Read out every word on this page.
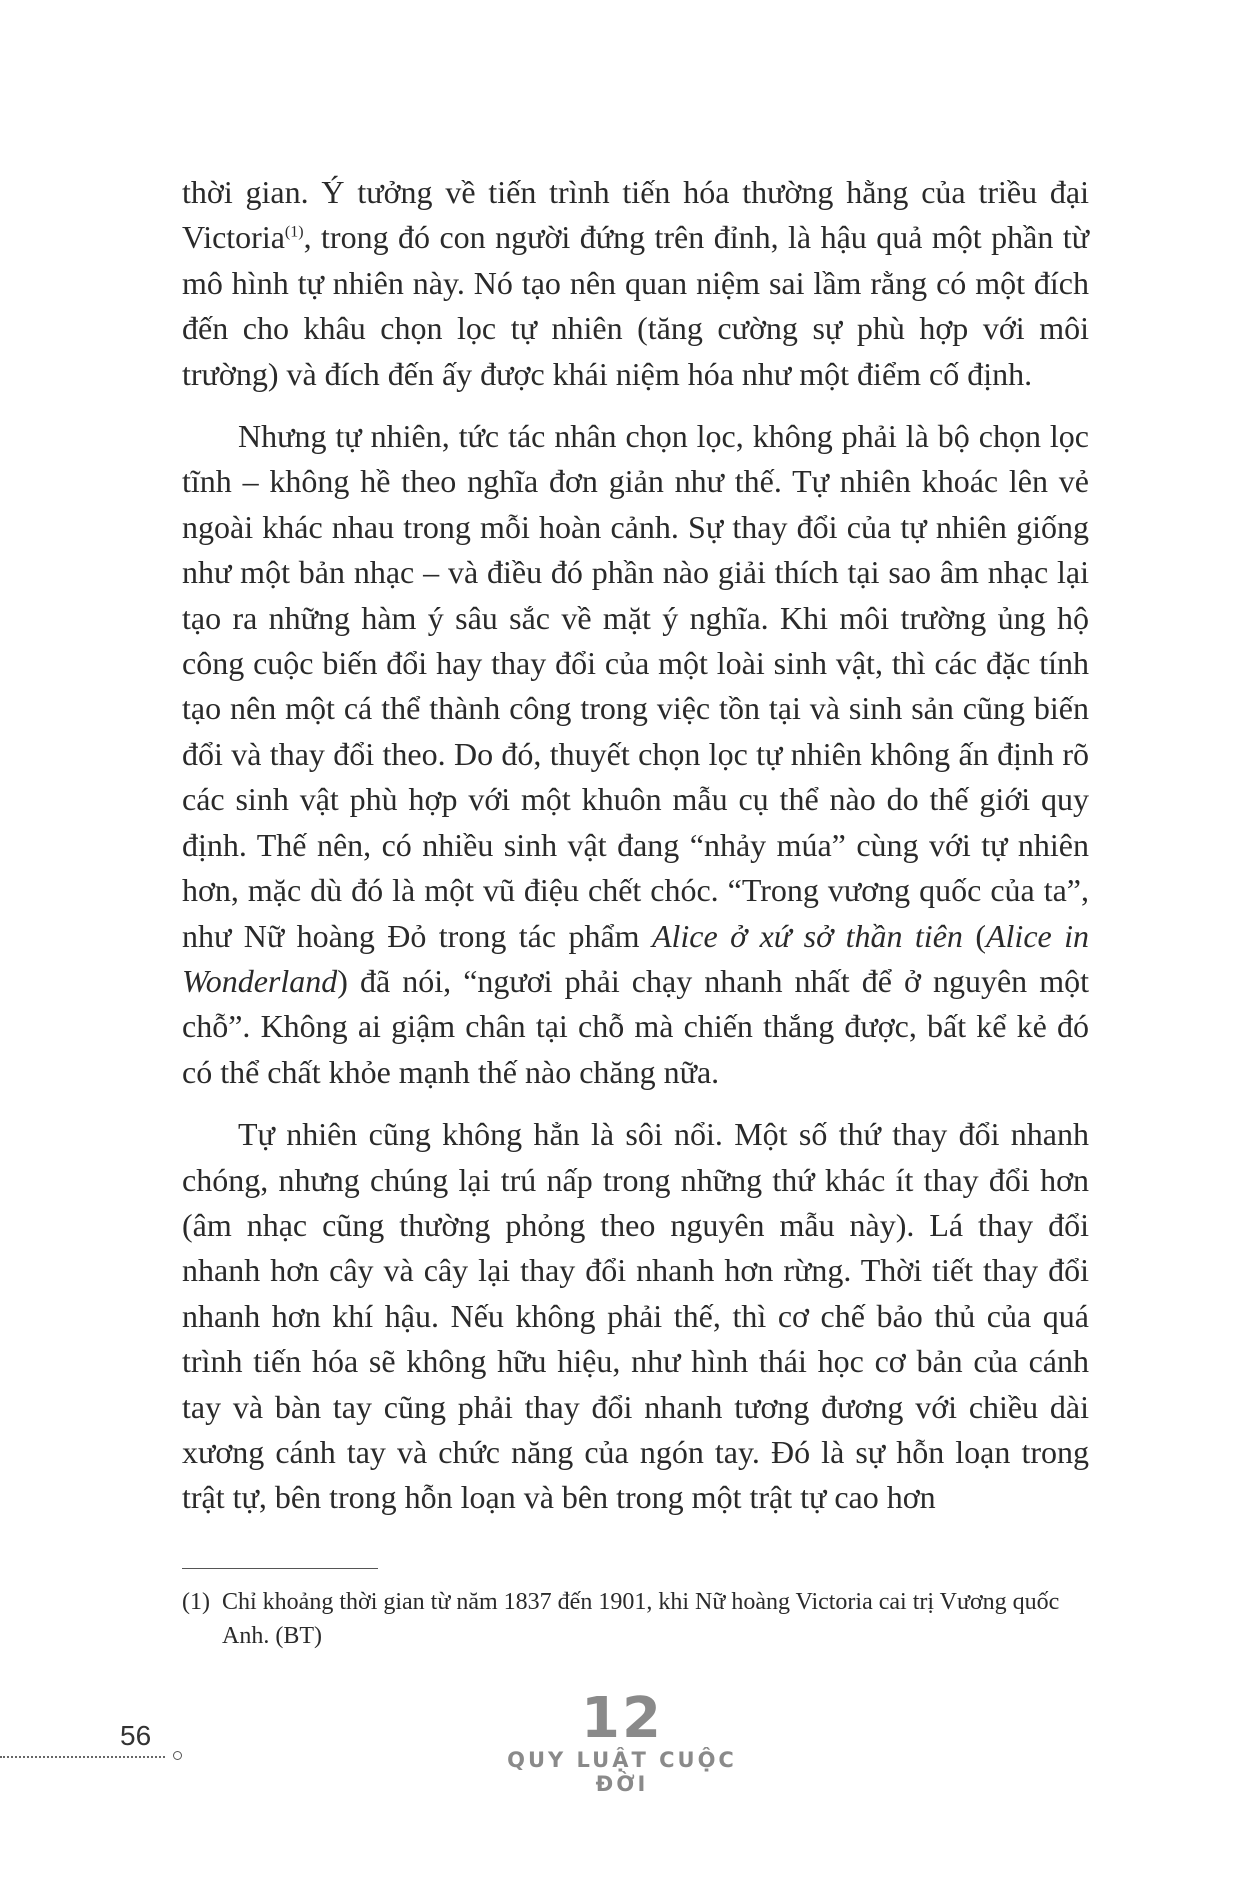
thời gian. Ý tưởng về tiến trình tiến hóa thường hằng của triều đại Victoria$^{(1)}$, trong đó con người đứng trên đỉnh, là hậu quả một phần từ mô hình tự nhiên này. Nó tạo nên quan niệm sai lầm rằng có một đích đến cho khâu chọn lọc tự nhiên (tăng cường sự phù hợp với môi trường) và đích đến ấy được khái niệm hóa như một điểm cố định.

Nhưng tự nhiên, tức tác nhân chọn lọc, không phải là bộ chọn lọc tĩnh – không hề theo nghĩa đơn giản như thế. Tự nhiên khoác lên vẻ ngoài khác nhau trong mỗi hoàn cảnh. Sự thay đổi của tự nhiên giống như một bản nhạc – và điều đó phần nào giải thích tại sao âm nhạc lại tạo ra những hàm ý sâu sắc về mặt ý nghĩa. Khi môi trường ủng hộ công cuộc biến đổi hay thay đổi của một loài sinh vật, thì các đặc tính tạo nên một cá thể thành công trong việc tồn tại và sinh sản cũng biến đổi và thay đổi theo. Do đó, thuyết chọn lọc tự nhiên không ấn định rõ các sinh vật phù hợp với một khuôn mẫu cụ thể nào do thế giới quy định. Thế nên, có nhiều sinh vật đang “nhảy múa” cùng với tự nhiên hơn, mặc dù đó là một vũ điệu chết chóc. “Trong vương quốc của ta”, như Nữ hoàng Đỏ trong tác phẩm Alice ở xứ sở thần tiên (Alice in Wonderland) đã nói, “ngươi phải chạy nhanh nhất để ở nguyên một chỗ”. Không ai giậm chân tại chỗ mà chiến thắng được, bất kể kẻ đó có thể chất khỏe mạnh thế nào chăng nữa.

Tự nhiên cũng không hẳn là sôi nổi. Một số thứ thay đổi nhanh chóng, nhưng chúng lại trú nấp trong những thứ khác ít thay đổi hơn (âm nhạc cũng thường phỏng theo nguyên mẫu này). Lá thay đổi nhanh hơn cây và cây lại thay đổi nhanh hơn rừng. Thời tiết thay đổi nhanh hơn khí hậu. Nếu không phải thế, thì cơ chế bảo thủ của quá trình tiến hóa sẽ không hữu hiệu, như hình thái học cơ bản của cánh tay và bàn tay cũng phải thay đổi nhanh tương đương với chiều dài xương cánh tay và chức năng của ngón tay. Đó là sự hỗn loạn trong trật tự, bên trong hỗn loạn và bên trong một trật tự cao hơn

(1) Chỉ khoảng thời gian từ năm 1837 đến 1901, khi Nữ hoàng Victoria cai trị Vương quốc Anh. (BT)
56	12
QUY LUẬT CUỘC ĐỜI
